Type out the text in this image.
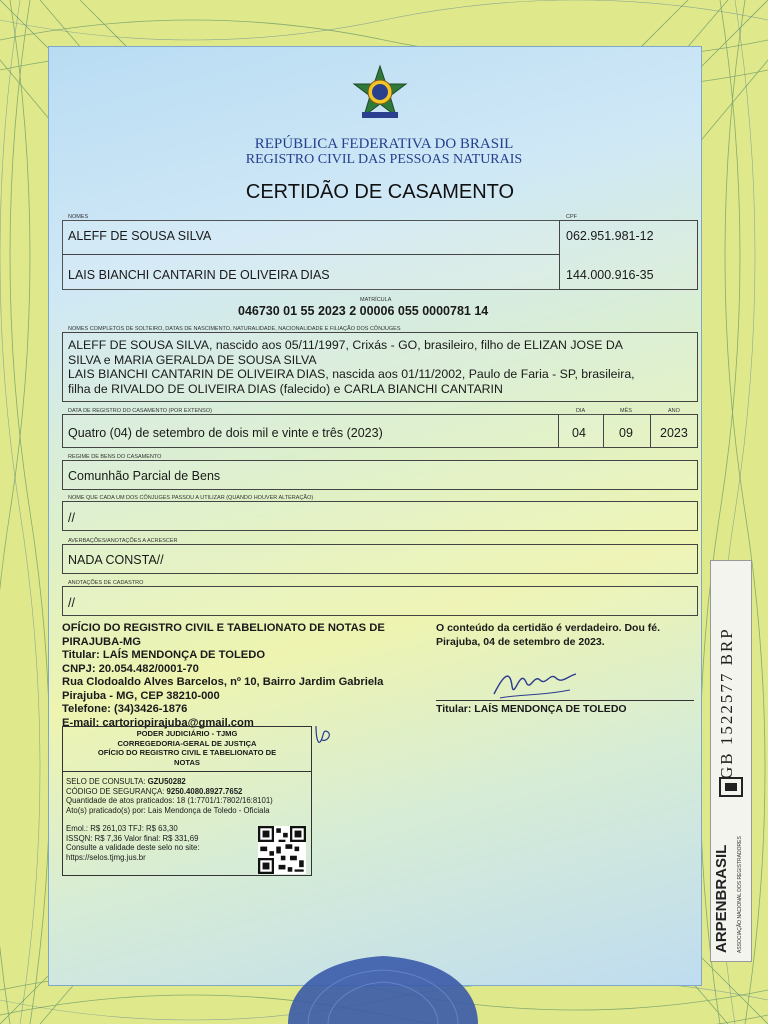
REPÚBLICA FEDERATIVA DO BRASIL
REGISTRO CIVIL DAS PESSOAS NATURAIS
CERTIDÃO DE CASAMENTO
NOMES	CPF
ALEFF DE SOUSA SILVA	062.951.981-12
LAIS BIANCHI CANTARIN DE OLIVEIRA DIAS	144.000.916-35
MATRÍCULA
046730 01 55 2023 2 00006 055 0000781 14
NOMES COMPLETOS DE SOLTEIRO, DATAS DE NASCIMENTO, NATURALIDADE, NACIONALIDADE E FILIAÇÃO DOS CÔNJUGES
ALEFF DE SOUSA SILVA, nascido aos 05/11/1997, Crixás - GO, brasileiro, filho de ELIZAN JOSE DA
SILVA e MARIA GERALDA DE SOUSA SILVA
LAIS BIANCHI CANTARIN DE OLIVEIRA DIAS, nascida aos 01/11/2002, Paulo de Faria - SP, brasileira,
filha de RIVALDO DE OLIVEIRA DIAS (falecido) e CARLA BIANCHI CANTARIN
DATA DE REGISTRO DO CASAMENTO (POR EXTENSO)	DIA	MÊS	ANO
Quatro (04) de setembro de dois mil e vinte e três (2023)	04	09 2023
REGIME DE BENS DO CASAMENTO
Comunhão Parcial de Bens
NOME QUE CADA UM DOS CÔNJUGES PASSOU A UTILIZAR (QUANDO HOUVER ALTERAÇÃO)
//
AVERBAÇÕES/ANOTAÇÕES A ACRESCER
NADA CONSTA//
ANOTAÇÕES DE CADASTRO
//
OFÍCIO DO REGISTRO CIVIL E TABELIONATO DE NOTAS DE
PIRAJUBA-MG
Titular: LAÍS MENDONÇA DE TOLEDO
CNPJ: 20.054.482/0001-70
Rua Clodoaldo Alves Barcelos, nº 10, Bairro Jardim Gabriela
Pirajuba - MG, CEP 38210-000
Telefone: (34)3426-1876
E-mail: cartoriopirajuba@gmail.com
O conteúdo da certidão é verdadeiro. Dou fé.
Pirajuba, 04 de setembro de 2023.
Titular: LAÍS MENDONÇA DE TOLEDO
PODER JUDICIÁRIO - TJMG
CORREGEDORIA-GERAL DE JUSTIÇA
OFÍCIO DO REGISTRO CIVIL E TABELIONATO DE
NOTAS
SELO DE CONSULTA: GZU50282
CÓDIGO DE SEGURANÇA: 9250.4080.8927.7652
Quantidade de atos praticados: 18 (1:7701/1:7802/16:8101)
Ato(s) praticado(s) por: Lais Mendonça de Toledo - Oficiala
Emol.: R$ 261,03 TFJ: R$ 63,30
ISSQN: R$ 7,36 Valor final: R$ 331,69
Consulte a validade deste selo no site:
https://selos.tjmg.jus.br
GB 1522577 BRP
ARPENBRASIL ASSOCIAÇÃO NACIONAL DOS REGISTRADORES
